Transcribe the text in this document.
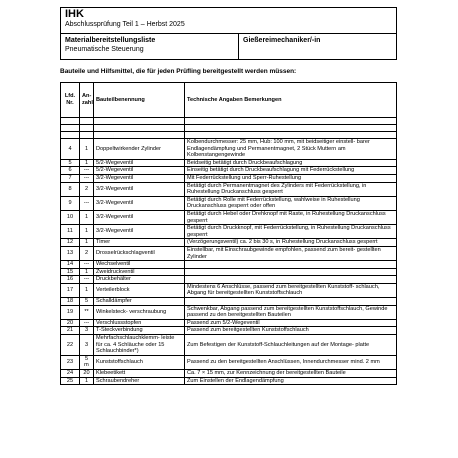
IHK
Abschlussprüfung Teil 1 – Herbst 2025
Materialbereitstellungsliste
Pneumatische Steuerung
Gießereimechaniker/-in
Bauteile und Hilfsmittel, die für jeden Prüfling bereitgestellt werden müssen:
Lfd. Nr.	An- zahl	Bauteilbenennung	Technische Angaben Bemerkungen

4	1	Doppeltwirkender Zylinder	Kolbendurchmesser: 25 mm, Hub: 100 mm, mit beidseitiger einstell- barer Endlagendämpfung und Permanentmagnet, 2 Stück Muttern am Kolbenstangengewinde
5	1	5/2-Wegeventil	Beidseitig betätigt durch Druckbeaufschlagung
6	---	5/2-Wegeventil	Einseitig betätigt durch Druckbeaufschlagung mit Federrückstellung
7	---	3/2-Wegeventil	Mit Federrückstellung und Sperr-Ruhestellung
8	2	3/2-Wegeventil	Betätigt durch Permanentmagnet des Zylinders mit Federrückstellung, in Ruhestellung Druckanschluss gesperrt
9	---	3/2-Wegeventil	Betätigt durch Rolle mit Federrückstellung, wahlweise in Ruhestellung Druckanschluss gesperrt oder offen
10	1	3/2-Wegeventil	Betätigt durch Hebel oder Drehknopf mit Raste, in Ruhestellung Druckanschluss gesperrt
11	1	3/2-Wegeventil	Betätigt durch Druckknopf, mit Federrückstellung, in Ruhestellung Druckanschluss gesperrt
12	1	Timer	(Verzögerungsventil) ca. 2 bis 30 s, in Ruhestellung Druckanschluss gesperrt
13	2	Drosselrückschlagventil	Einstellbar, mit Einschraubgewinde empfohlen, passend zum bereit- gestellten Zylinder
14	---	Wechselventil	
15	1	Zweidruckventil	
16	---	Druckbehälter	
17	1	Verteilerblock	Mindestens 6 Anschlüsse, passend zum bereitgestellten Kunststoff- schlauch, Abgang für bereitgestellten Kunststoffschlauch
18	5	Schalldämpfer	
19	**	Winkelsteck- verschraubung	Schwenkbar, Abgang passend zum bereitgestellten Kunststoffschlauch, Gewinde passend zu den bereitgestellten Bauteilen
20	---	Verschlussstopfen	Passend zum 5/2-Wegeventil
21	3	T-Steckverbindung	Passend zum bereitgestellten Kunststoffschlauch
22	3	Mehrfachschlauchklemm- leiste für ca. 4 Schläuche oder 15 Schlauchbinder*)	Zum Befestigen der Kunststoff-Schlauchleitungen auf der Montage- platte
23	5 m	Kunststoffschlauch	Passend zu den bereitgestellten Anschlüssen, Innendurchmesser mind. 2 mm
24	20	Klebeetikett	Ca. 7 × 15 mm, zur Kennzeichnung der bereitgestellten Bauteile
25	1	Schraubendreher	Zum Einstellen der Endlagendämpfung
